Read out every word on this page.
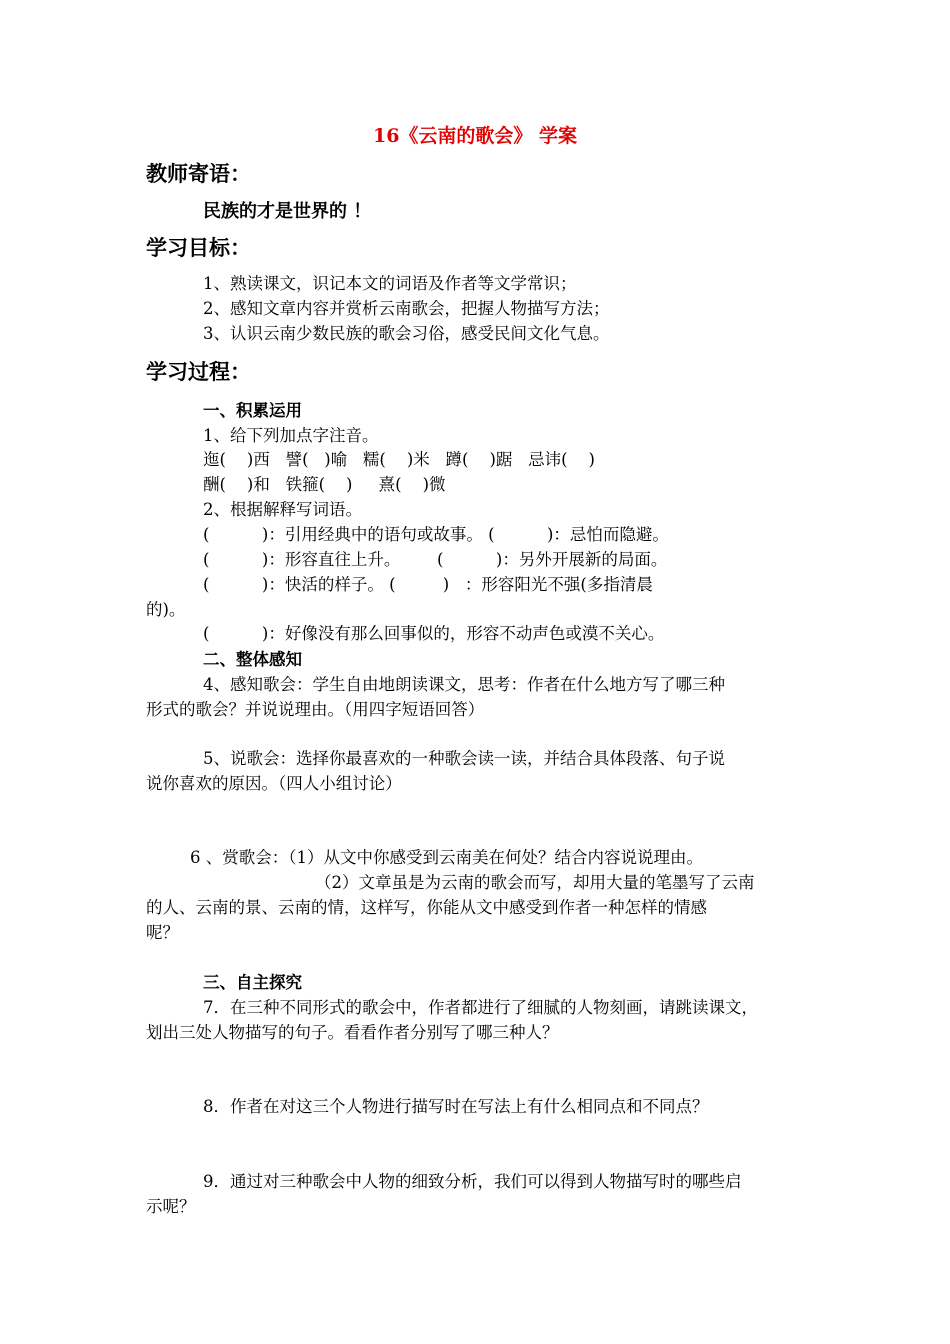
16《云南的歌会》 学案
教师寄语：
民族的才是世界的 ！
学习目标：
1、熟读课文，识记本文的词语及作者等文学常识；
2、感知文章内容并赏析云南歌会，把握人物描写方法；
3、认识云南少数民族的歌会习俗，感受民间文化气息。
学习过程：
一、积累运用
1、给下列加点字注音。
迤(    )西   譬(   )喻   糯(    )米   蹲(    )踞   忌讳(    )
酬(    )和   铁箍(    )     熹(    )微
2、根据解释写词语。
(          )：引用经典中的语句或故事。 (          )：忌怕而隐避。
(          )：形容直往上升。       (          )：另外开展新的局面。
(          )：快活的样子。 (         )   ：形容阳光不强(多指清晨
的)。
(          )：好像没有那么回事似的，形容不动声色或漠不关心。
二、整体感知
4、感知歌会：学生自由地朗读课文，思考：作者在什么地方写了哪三种
形式的歌会？并说说理由。（用四字短语回答）
5、说歌会：选择你最喜欢的一种歌会读一读，并结合具体段落、句子说
说你喜欢的原因。（四人小组讨论）
6 、赏歌会：（1）从文中你感受到云南美在何处？结合内容说说理由。
（2）文章虽是为云南的歌会而写，却用大量的笔墨写了云南
的人、云南的景、云南的情，这样写，你能从文中感受到作者一种怎样的情感
呢？
三、自主探究
7．在三种不同形式的歌会中，作者都进行了细腻的人物刻画，请跳读课文，
划出三处人物描写的句子。看看作者分别写了哪三种人？
8．作者在对这三个人物进行描写时在写法上有什么相同点和不同点？
9．通过对三种歌会中人物的细致分析，我们可以得到人物描写时的哪些启
示呢？
